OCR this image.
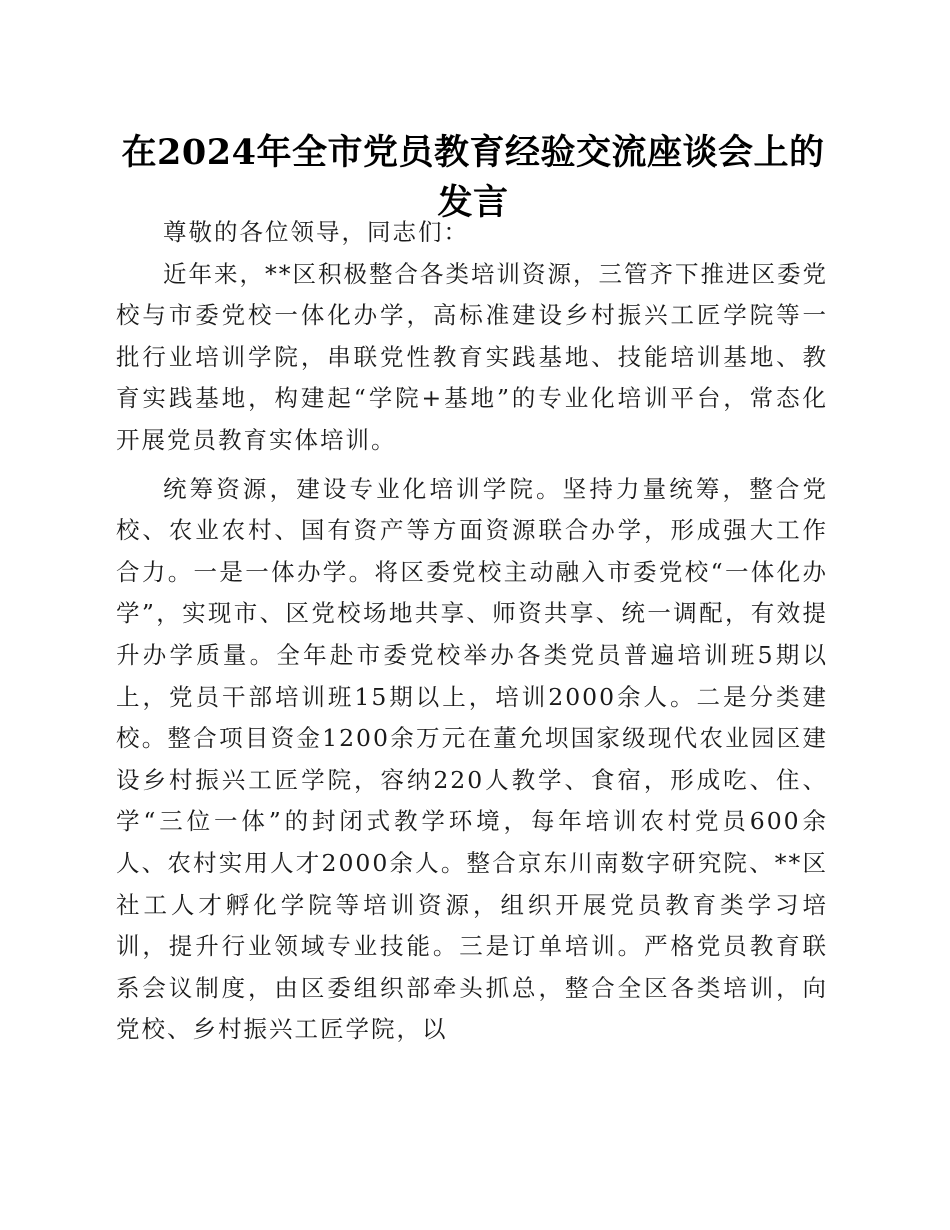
在2024年全市党员教育经验交流座谈会上的发言

尊敬的各位领导，同志们：

近年来，**区积极整合各类培训资源，三管齐下推进区委党校与市委党校一体化办学，高标准建设乡村振兴工匠学院等一批行业培训学院，串联党性教育实践基地、技能培训基地、教育实践基地，构建起“学院+基地”的专业化培训平台，常态化开展党员教育实体培训。

统筹资源，建设专业化培训学院。坚持力量统筹，整合党校、农业农村、国有资产等方面资源联合办学，形成强大工作合力。一是一体办学。将区委党校主动融入市委党校“一体化办学”，实现市、区党校场地共享、师资共享、统一调配，有效提升办学质量。全年赴市委党校举办各类党员普遍培训班5期以上，党员干部培训班15期以上，培训2000余人。二是分类建校。整合项目资金1200余万元在董允坝国家级现代农业园区建设乡村振兴工匠学院，容纳220人教学、食宿，形成吃、住、学“三位一体”的封闭式教学环境，每年培训农村党员600余人、农村实用人才2000余人。整合京东川南数字研究院、**区社工人才孵化学院等培训资源，组织开展党员教育类学习培训，提升行业领域专业技能。三是订单培训。严格党员教育联系会议制度，由区委组织部牵头抓总，整合全区各类培训，向党校、乡村振兴工匠学院，以
